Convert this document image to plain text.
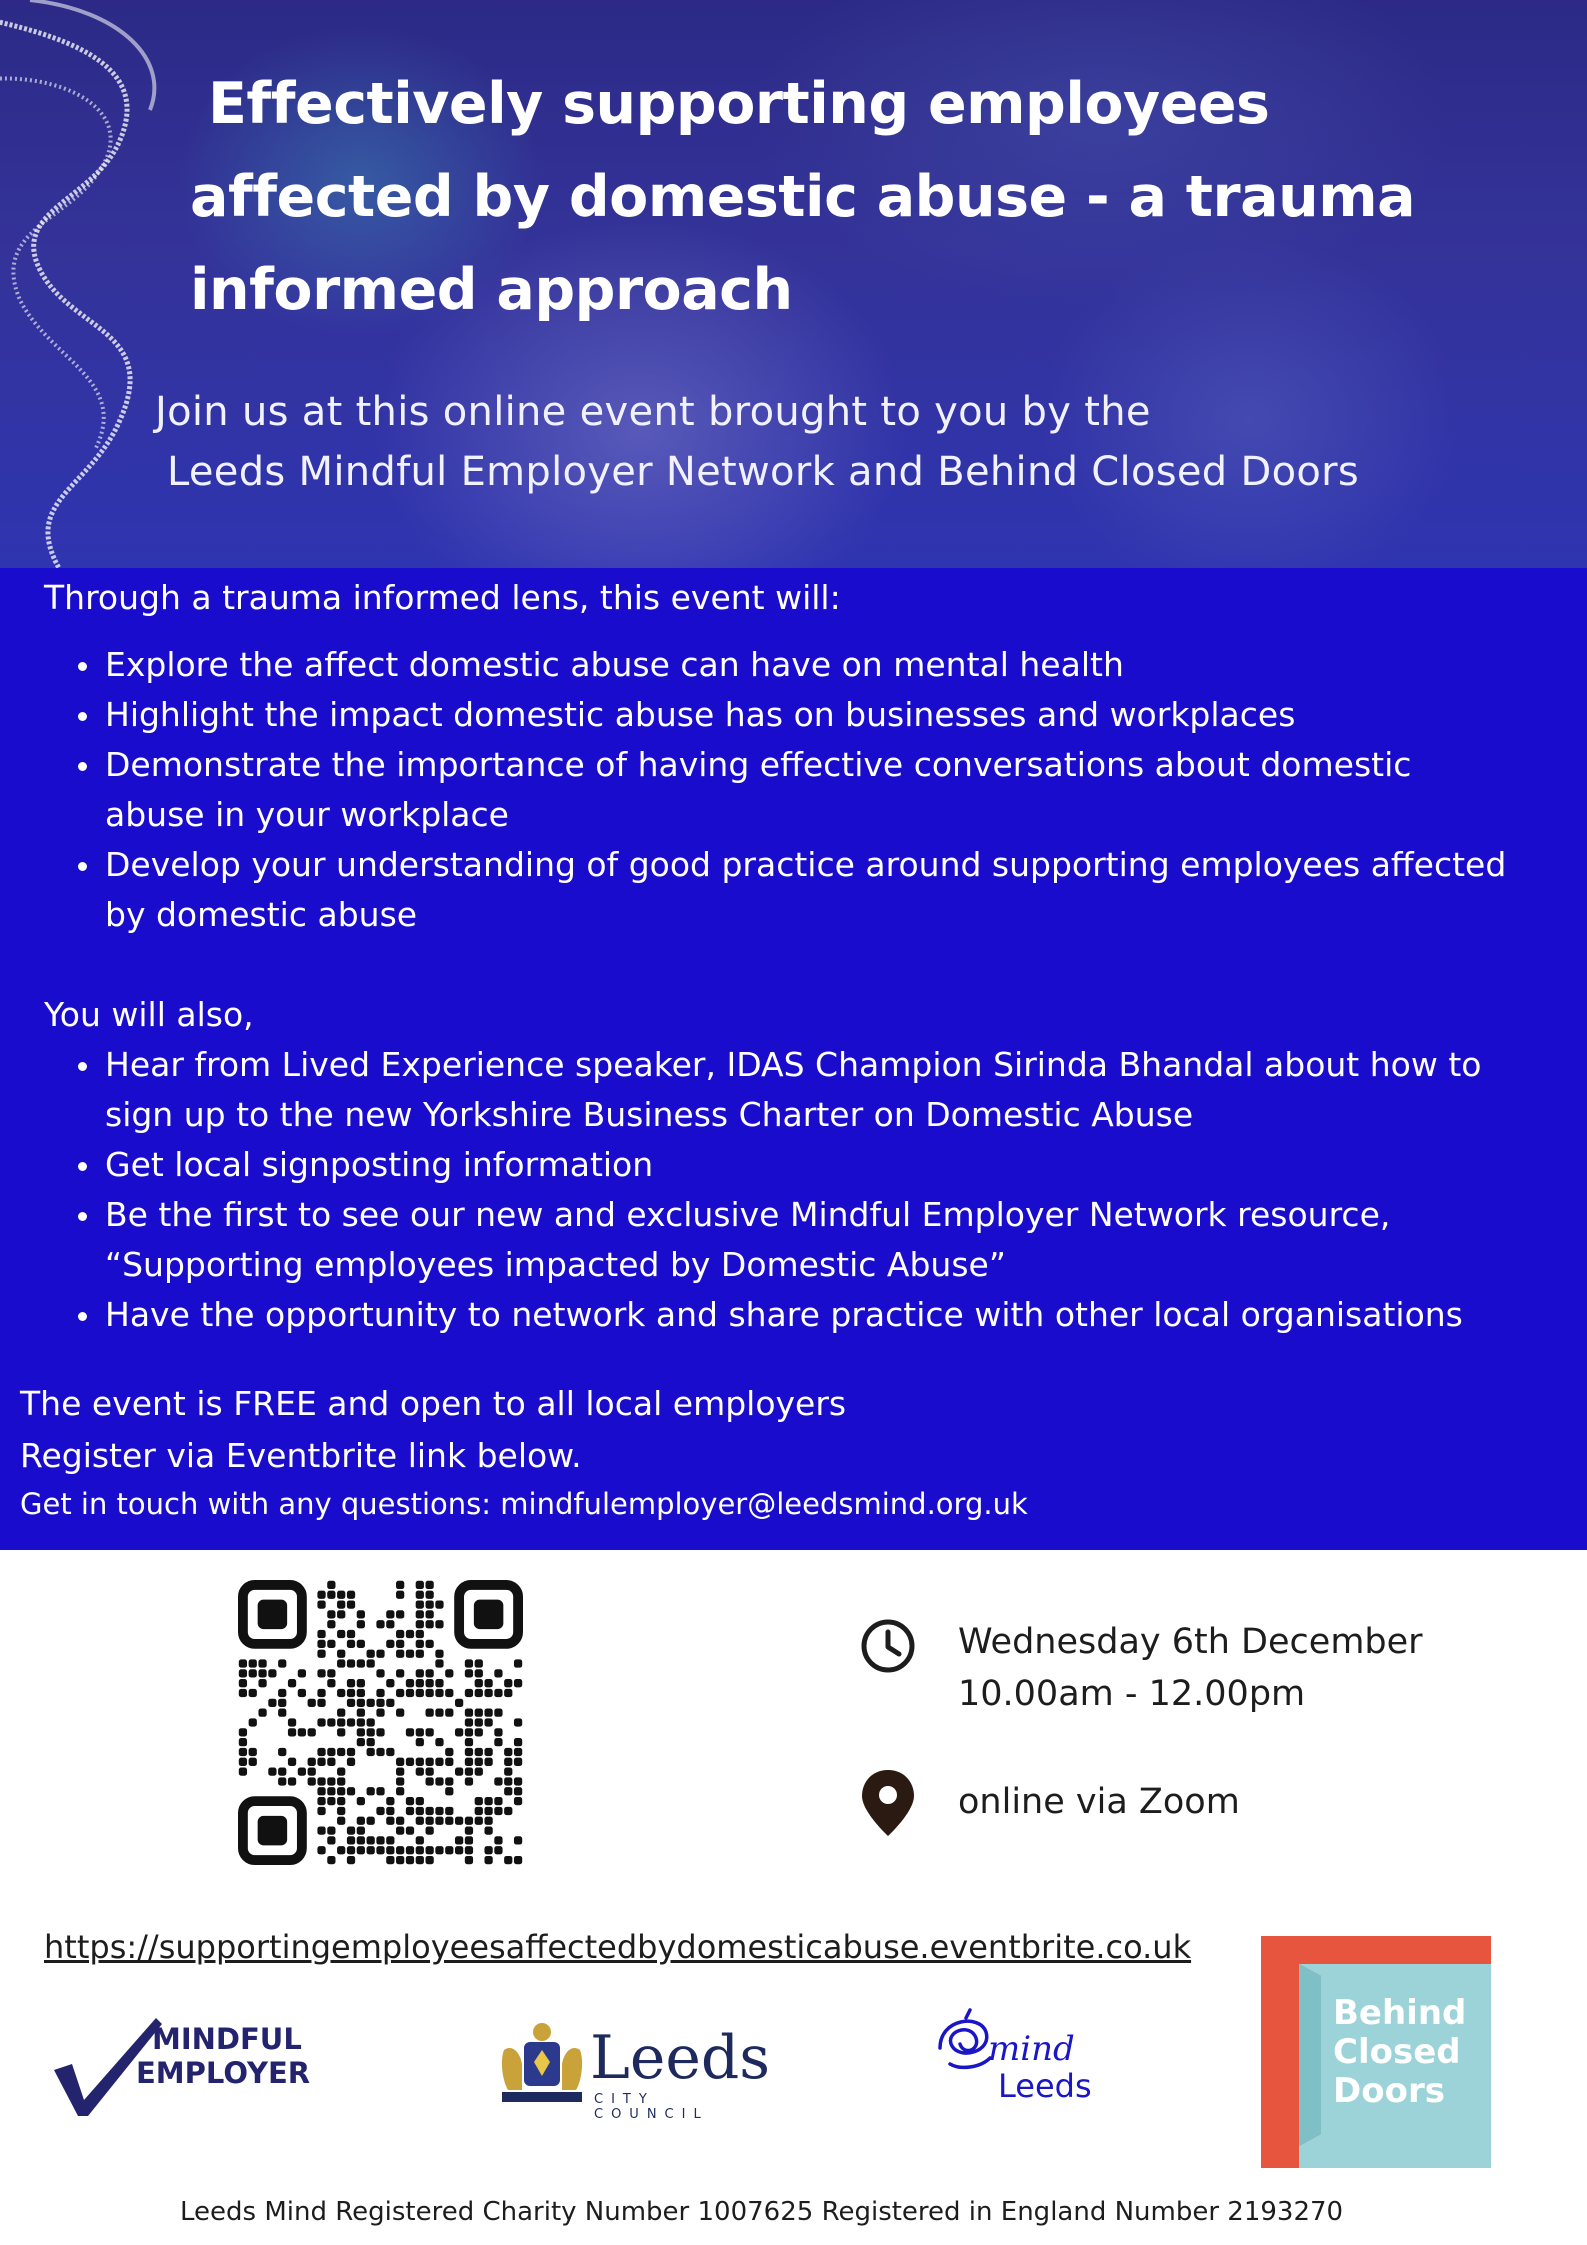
Effectively supporting employees
affected by domestic abuse - a trauma
informed approach
Join us at this online event brought to you by the
Leeds Mindful Employer Network and Behind Closed Doors
Through a trauma informed lens, this event will:
Explore the affect domestic abuse can have on mental health
Highlight the impact domestic abuse has on businesses and workplaces
Demonstrate the importance of having effective conversations about domestic
abuse in your workplace
Develop your understanding of good practice around supporting employees affected
by domestic abuse
You will also,
Hear from Lived Experience speaker, IDAS Champion Sirinda Bhandal about how to
sign up to the new Yorkshire Business Charter on Domestic Abuse
Get local signposting information
Be the first to see our new and exclusive Mindful Employer Network resource,
“Supporting employees impacted by Domestic Abuse”
Have the opportunity to network and share practice with other local organisations
The event is FREE and open to all local employers
Register via Eventbrite link below.
Get in touch with any questions: mindfulemployer@leedsmind.org.uk
Wednesday 6th December
10.00am - 12.00pm
online via Zoom
https://supportingemployeesaffectedbydomesticabuse.eventbrite.co.uk
MINDFUL
EMPLOYER	Leeds
CITY COUNCIL
mind
Leeds
Behind
Closed
Doors
Leeds Mind Registered Charity Number 1007625 Registered in England Number 2193270
